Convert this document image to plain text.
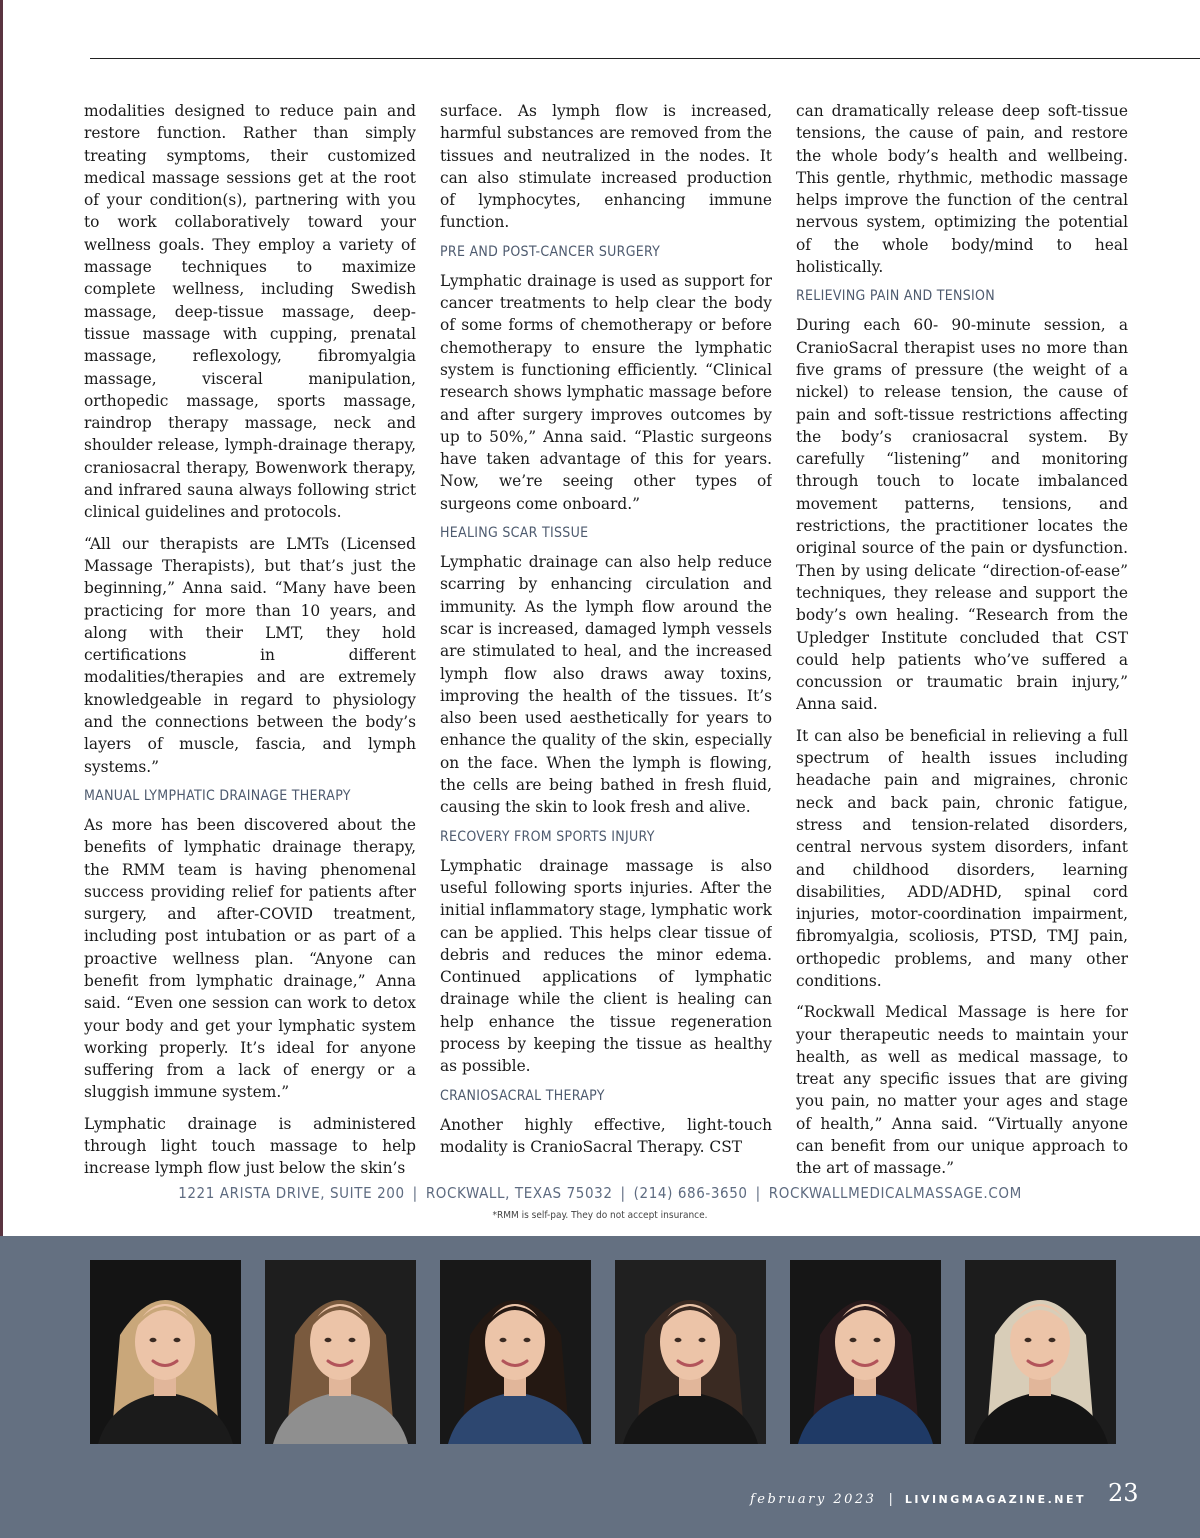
modalities designed to reduce pain and restore function. Rather than simply treating symptoms, their customized medical massage sessions get at the root of your condition(s), partnering with you to work collaboratively toward your wellness goals. They employ a variety of massage techniques to maximize complete wellness, including Swedish massage, deep-tissue massage, deep-tissue massage with cupping, prenatal massage, reflexology, fibromyalgia massage, visceral manipulation, orthopedic massage, sports massage, raindrop therapy massage, neck and shoulder release, lymph-drainage therapy, craniosacral therapy, Bowenwork therapy, and infrared sauna always following strict clinical guidelines and protocols.

“All our therapists are LMTs (Licensed Massage Therapists), but that’s just the beginning,” Anna said. “Many have been practicing for more than 10 years, and along with their LMT, they hold certifications in different modalities/therapies and are extremely knowledgeable in regard to physiology and the connections between the body’s layers of muscle, fascia, and lymph systems.”

MANUAL LYMPHATIC DRAINAGE THERAPY

As more has been discovered about the benefits of lymphatic drainage therapy, the RMM team is having phenomenal success providing relief for patients after surgery, and after-COVID treatment, including post intubation or as part of a proactive wellness plan. “Anyone can benefit from lymphatic drainage,” Anna said. “Even one session can work to detox your body and get your lymphatic system working properly. It’s ideal for anyone suffering from a lack of energy or a sluggish immune system.”

Lymphatic drainage is administered through light touch massage to help increase lymph flow just below the skin’s

surface. As lymph flow is increased, harmful substances are removed from the tissues and neutralized in the nodes. It can also stimulate increased production of lymphocytes, enhancing immune function.

PRE AND POST-CANCER SURGERY

Lymphatic drainage is used as support for cancer treatments to help clear the body of some forms of chemotherapy or before chemotherapy to ensure the lymphatic system is functioning efficiently. “Clinical research shows lymphatic massage before and after surgery improves outcomes by up to 50%,” Anna said. “Plastic surgeons have taken advantage of this for years. Now, we’re seeing other types of surgeons come onboard.”

HEALING SCAR TISSUE

Lymphatic drainage can also help reduce scarring by enhancing circulation and immunity. As the lymph flow around the scar is increased, damaged lymph vessels are stimulated to heal, and the increased lymph flow also draws away toxins, improving the health of the tissues. It’s also been used aesthetically for years to enhance the quality of the skin, especially on the face. When the lymph is flowing, the cells are being bathed in fresh fluid, causing the skin to look fresh and alive.

RECOVERY FROM SPORTS INJURY

Lymphatic drainage massage is also useful following sports injuries. After the initial inflammatory stage, lymphatic work can be applied. This helps clear tissue of debris and reduces the minor edema. Continued applications of lymphatic drainage while the client is healing can help enhance the tissue regeneration process by keeping the tissue as healthy as possible.

CRANIOSACRAL THERAPY

Another highly effective, light-touch modality is CranioSacral Therapy. CST

can dramatically release deep soft-tissue tensions, the cause of pain, and restore the whole body’s health and wellbeing. This gentle, rhythmic, methodic massage helps improve the function of the central nervous system, optimizing the potential of the whole body/mind to heal holistically.

RELIEVING PAIN AND TENSION

During each 60- 90-minute session, a CranioSacral therapist uses no more than five grams of pressure (the weight of a nickel) to release tension, the cause of pain and soft-tissue restrictions affecting the body’s craniosacral system. By carefully “listening” and monitoring through touch to locate imbalanced movement patterns, tensions, and restrictions, the practitioner locates the original source of the pain or dysfunction. Then by using delicate “direction-of-ease” techniques, they release and support the body’s own healing. “Research from the Upledger Institute concluded that CST could help patients who’ve suffered a concussion or traumatic brain injury,” Anna said.

It can also be beneficial in relieving a full spectrum of health issues including headache pain and migraines, chronic neck and back pain, chronic fatigue, stress and tension-related disorders, central nervous system disorders, infant and childhood disorders, learning disabilities, ADD/ADHD, spinal cord injuries, motor-coordination impairment, fibromyalgia, scoliosis, PTSD, TMJ pain, orthopedic problems, and many other conditions.

“Rockwall Medical Massage is here for your therapeutic needs to maintain your health, as well as medical massage, to treat any specific issues that are giving you pain, no matter your ages and stage of health,” Anna said. “Virtually anyone can benefit from our unique approach to the art of massage.”

1221 ARISTA DRIVE, SUITE 200 | ROCKWALL, TEXAS 75032 | (214) 686-3650 | ROCKWALLMEDICALMASSAGE.COM
*RMM is self-pay. They do not accept insurance.
february 2023 | LIVINGMAGAZINE.NET 23
